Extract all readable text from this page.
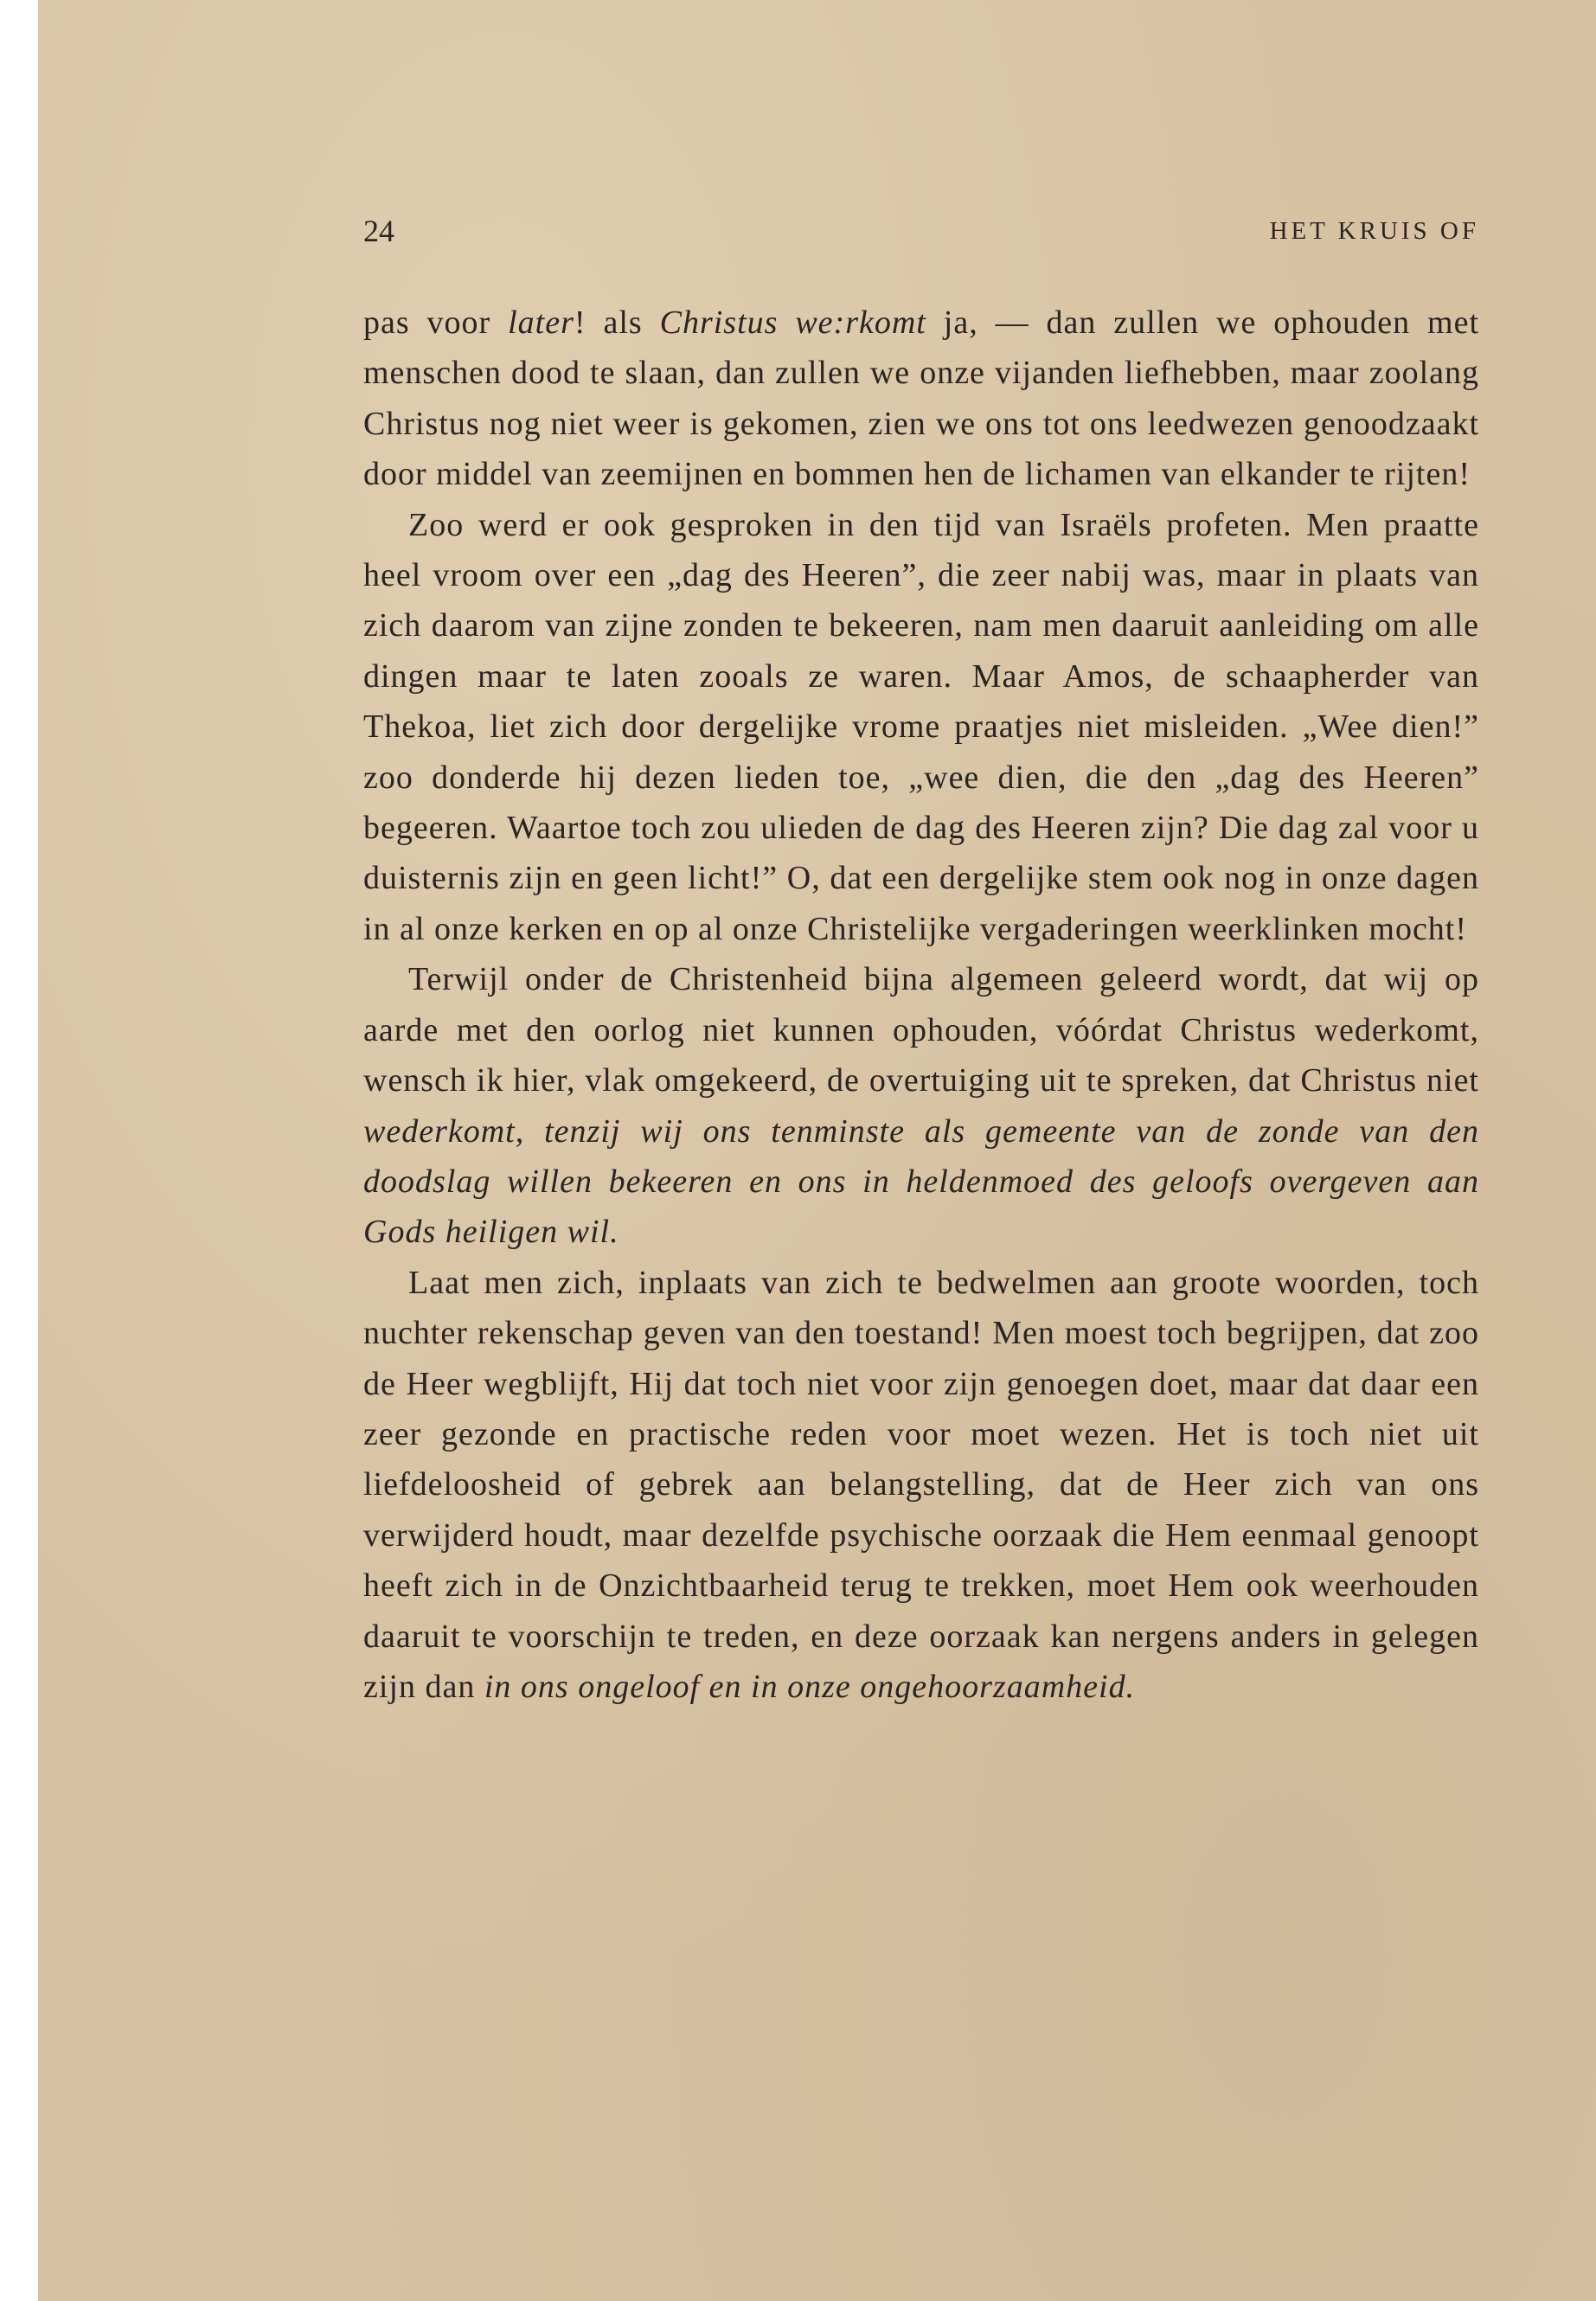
24	HET KRUIS OF

pas voor later! als Christus we:rkomt ja, — dan zullen we ophouden met menschen dood te slaan, dan zullen we onze vijanden liefhebben, maar zoolang Christus nog niet weer is gekomen, zien we ons tot ons leedwezen genoodzaakt door middel van zeemijnen en bommen hen de lichamen van elkander te rijten!

Zoo werd er ook gesproken in den tijd van Israëls profeten. Men praatte heel vroom over een „dag des Heeren”, die zeer nabij was, maar in plaats van zich daarom van zijne zonden te bekeeren, nam men daaruit aanleiding om alle dingen maar te laten zooals ze waren. Maar Amos, de schaapherder van Thekoa, liet zich door dergelijke vrome praatjes niet misleiden. „Wee dien!” zoo donderde hij dezen lieden toe, „wee dien, die den „dag des Heeren” begeeren. Waartoe toch zou ulieden de dag des Heeren zijn? Die dag zal voor u duisternis zijn en geen licht!” O, dat een dergelijke stem ook nog in onze dagen in al onze kerken en op al onze Christelijke vergaderingen weerklinken mocht!

Terwijl onder de Christenheid bijna algemeen geleerd wordt, dat wij op aarde met den oorlog niet kunnen ophouden, vóórdat Christus wederkomt, wensch ik hier, vlak omgekeerd, de overtuiging uit te spreken, dat Christus niet wederkomt, tenzij wij ons tenminste als gemeente van de zonde van den doodslag willen bekeeren en ons in heldenmoed des geloofs overgeven aan Gods heiligen wil.

Laat men zich, inplaats van zich te bedwelmen aan groote woorden, toch nuchter rekenschap geven van den toestand! Men moest toch begrijpen, dat zoo de Heer wegblijft, Hij dat toch niet voor zijn genoegen doet, maar dat daar een zeer gezonde en practische reden voor moet wezen. Het is toch niet uit liefdeloosheid of gebrek aan belangstelling, dat de Heer zich van ons verwijderd houdt, maar dezelfde psychische oorzaak die Hem eenmaal genoopt heeft zich in de Onzichtbaarheid terug te trekken, moet Hem ook weerhouden daaruit te voorschijn te treden, en deze oorzaak kan nergens anders in gelegen zijn dan in ons ongeloof en in onze ongehoorzaamheid.
